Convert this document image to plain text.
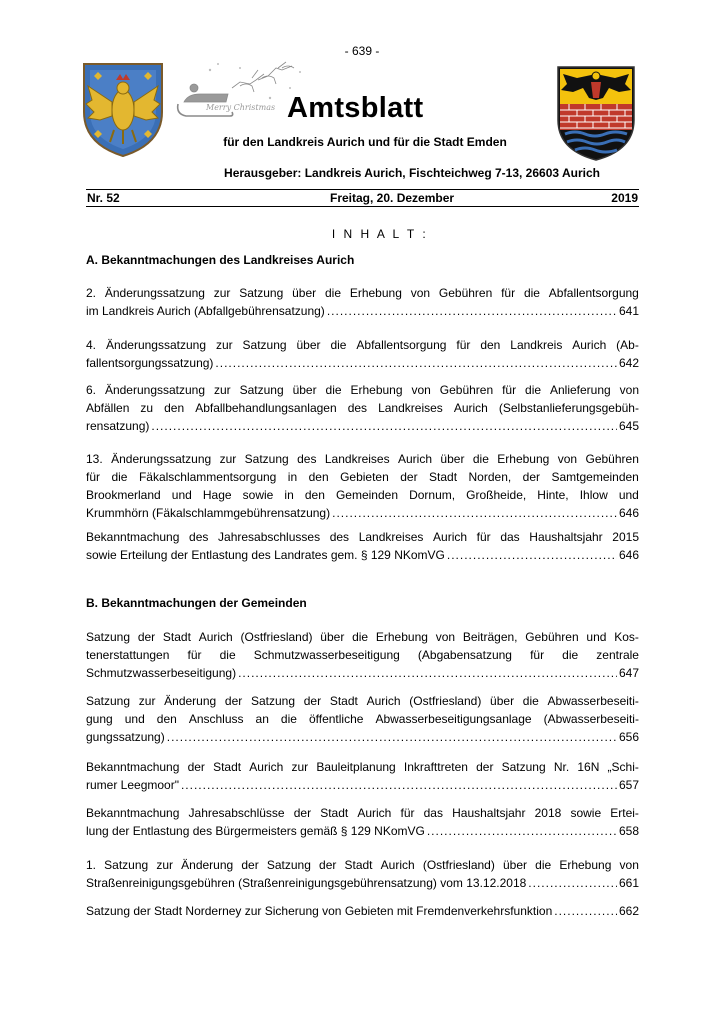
- 639 -
Merry Christmas Amtsblatt
für den Landkreis Aurich und für die Stadt Emden
Herausgeber: Landkreis Aurich, Fischteichweg 7-13, 26603 Aurich
Nr. 52	Freitag, 20. Dezember	2019
I N H A L T :
A. Bekanntmachungen des Landkreises Aurich
2. Änderungssatzung zur Satzung über die Erhebung von Gebühren für die Abfallentsorgung
im Landkreis Aurich (Abfallgebührensatzung) .....	641
4. Änderungssatzung zur Satzung über die Abfallentsorgung für den Landkreis Aurich (Ab-
fallentsorgungssatzung) .....	642
6. Änderungssatzung zur Satzung über die Erhebung von Gebühren für die Anlieferung von
Abfällen zu den Abfallbehandlungsanlagen des Landkreises Aurich (Selbstanlieferungsgebüh-
rensatzung) .....	645
13. Änderungssatzung zur Satzung des Landkreises Aurich über die Erhebung von Gebühren
für die Fäkalschlammentsorgung in den Gebieten der Stadt Norden, der Samtgemeinden
Brookmerland und Hage sowie in den Gemeinden Dornum, Großheide, Hinte, Ihlow und
Krummhörn (Fäkalschlammgebührensatzung) .....	646
Bekanntmachung des Jahresabschlusses des Landkreises Aurich für das Haushaltsjahr 2015
sowie Erteilung der Entlastung des Landrates gem. § 129 NKomVG .....	646
B. Bekanntmachungen der Gemeinden
Satzung der Stadt Aurich (Ostfriesland) über die Erhebung von Beiträgen, Gebühren und Kos-
tenerstattungen für die Schmutzwasserbeseitigung (Abgabensatzung für die zentrale
Schmutzwasserbeseitigung) .....	647
Satzung zur Änderung der Satzung der Stadt Aurich (Ostfriesland) über die Abwasserbeseiti-
gung und den Anschluss an die öffentliche Abwasserbeseitigungsanlage (Abwasserbeseiti-
gungssatzung) .....	656
Bekanntmachung der Stadt Aurich zur Bauleitplanung Inkrafttreten der Satzung Nr. 16N „Schi-
rumer Leegmoor" .....	657
Bekanntmachung Jahresabschlüsse der Stadt Aurich für das Haushaltsjahr 2018 sowie Ertei-
lung der Entlastung des Bürgermeisters gemäß § 129 NKomVG .....	658
1. Satzung zur Änderung der Satzung der Stadt Aurich (Ostfriesland) über die Erhebung von
Straßenreinigungsgebühren (Straßenreinigungsgebührensatzung) vom 13.12.2018 .....	661
Satzung der Stadt Norderney zur Sicherung von Gebieten mit Fremdenverkehrsfunktion .....	662
